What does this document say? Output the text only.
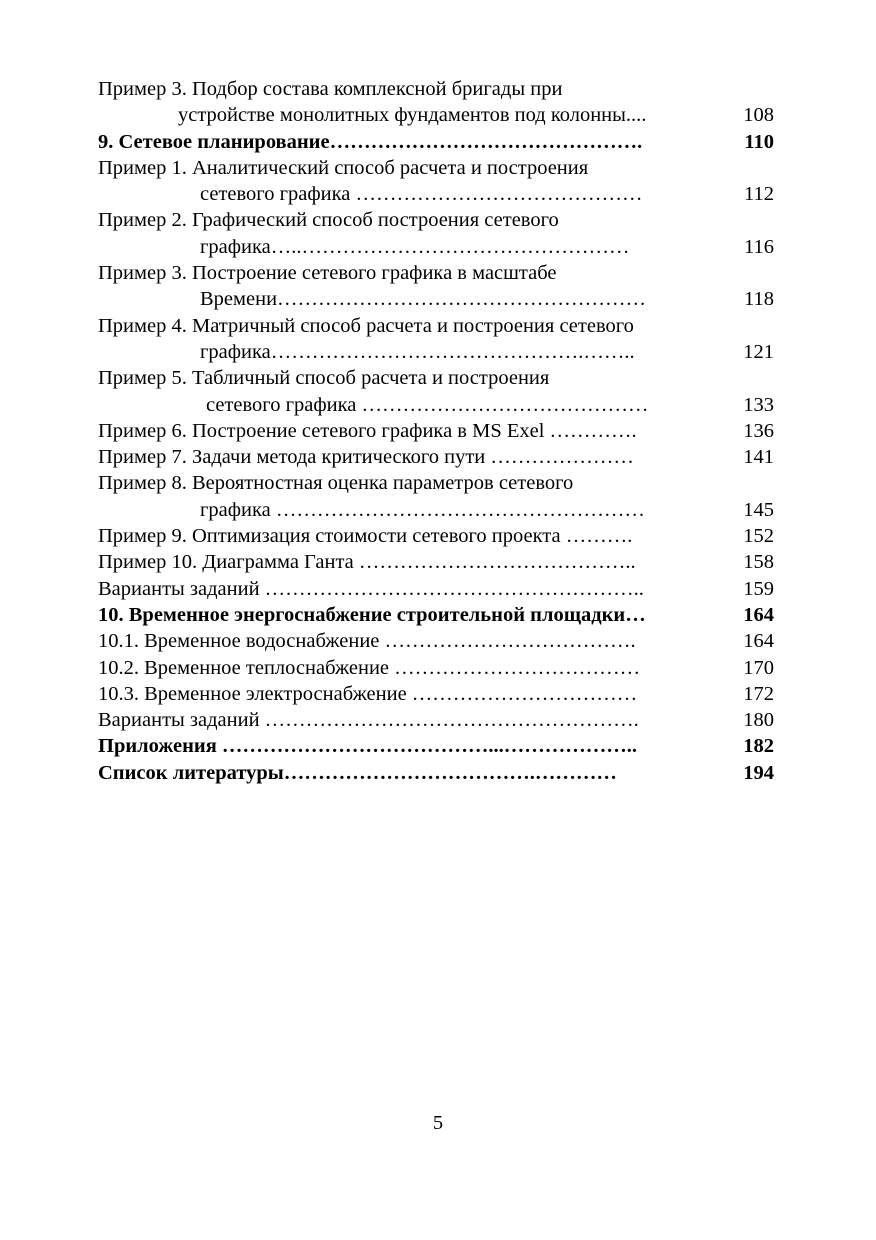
Пример 3. Подбор состава комплексной бригады при
устройстве монолитных фундаментов под колонны....	108
9. Сетевое планирование……………………………………….	110
Пример 1. Аналитический способ расчета и построения
сетевого графика ……………………………………	112
Пример 2. Графический способ построения сетевого
графика…..…………………………………………	116
Пример 3. Построение сетевого графика в масштабе
Времени………………………………………………	118
Пример 4. Матричный способ расчета и построения сетевого
графика……………………………………….……..	121
Пример 5. Табличный способ расчета и построения
сетевого графика ……………………………………	133
Пример 6. Построение сетевого графика в MS Exel ………….	136
Пример 7. Задачи метода критического пути …………………	141
Пример 8. Вероятностная оценка параметров сетевого
графика ………………………………………………	145
Пример 9. Оптимизация стоимости сетевого проекта ……….	152
Пример 10. Диаграмма Ганта …………………………………..	158
Варианты заданий ………………………………………………..	159
10. Временное энергоснабжение строительной площадки…	164
10.1. Временное водоснабжение ……………………………….	164
10.2. Временное теплоснабжение ………………………………	170
10.3. Временное электроснабжение ……………………………	172
Варианты заданий ……………………………………………….	180
Приложения …………………………………...………………..	182
Список литературы……………………………….…………	194
5
